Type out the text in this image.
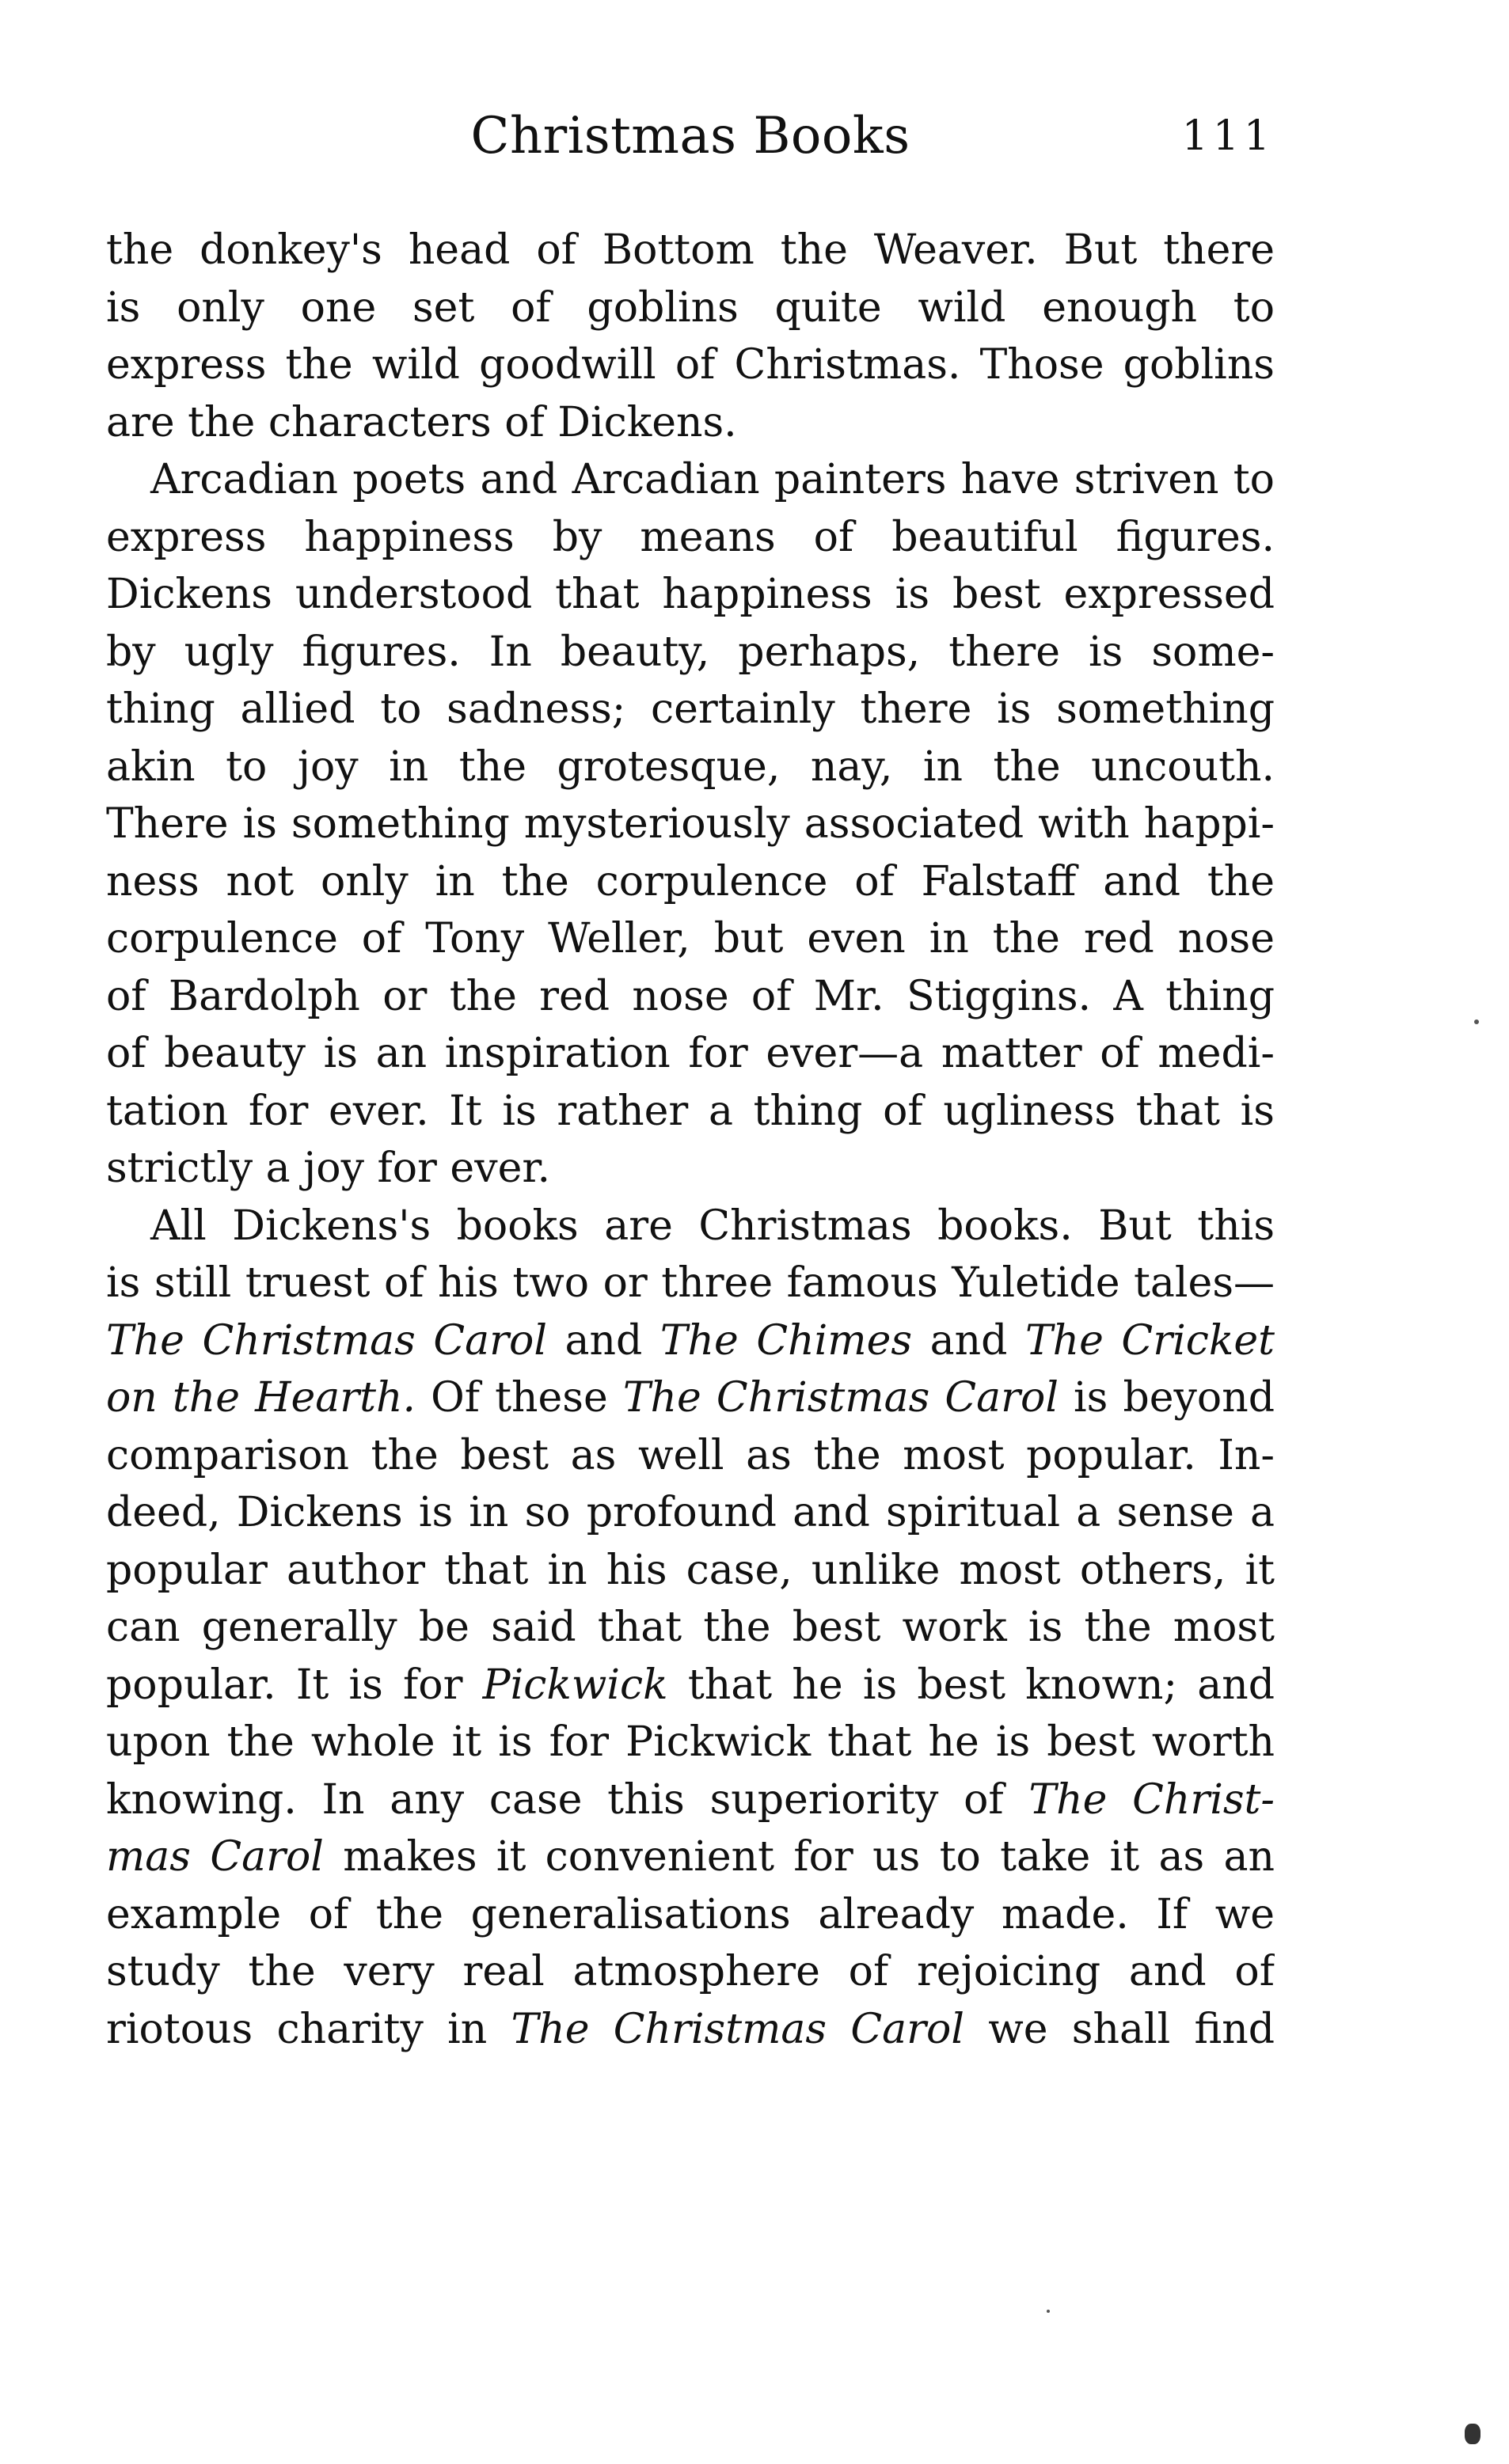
Christmas Books	111
the donkey's head of Bottom the Weaver. But there
is only one set of goblins quite wild enough to
express the wild goodwill of Christmas. Those goblins
are the characters of Dickens.
Arcadian poets and Arcadian painters have striven to
express happiness by means of beautiful figures.
Dickens understood that happiness is best expressed
by ugly figures. In beauty, perhaps, there is some-
thing allied to sadness; certainly there is something
akin to joy in the grotesque, nay, in the uncouth.
There is something mysteriously associated with happi-
ness not only in the corpulence of Falstaff and the
corpulence of Tony Weller, but even in the red nose
of Bardolph or the red nose of Mr. Stiggins. A thing
of beauty is an inspiration for ever—a matter of medi-
tation for ever. It is rather a thing of ugliness that is
strictly a joy for ever.
All Dickens's books are Christmas books. But this
is still truest of his two or three famous Yuletide tales—
The Christmas Carol and The Chimes and The Cricket
on the Hearth. Of these The Christmas Carol is beyond
comparison the best as well as the most popular. In-
deed, Dickens is in so profound and spiritual a sense a
popular author that in his case, unlike most others, it
can generally be said that the best work is the most
popular. It is for Pickwick that he is best known; and
upon the whole it is for Pickwick that he is best worth
knowing. In any case this superiority of The Christ-
mas Carol makes it convenient for us to take it as an
example of the generalisations already made. If we
study the very real atmosphere of rejoicing and of
riotous charity in The Christmas Carol we shall find
